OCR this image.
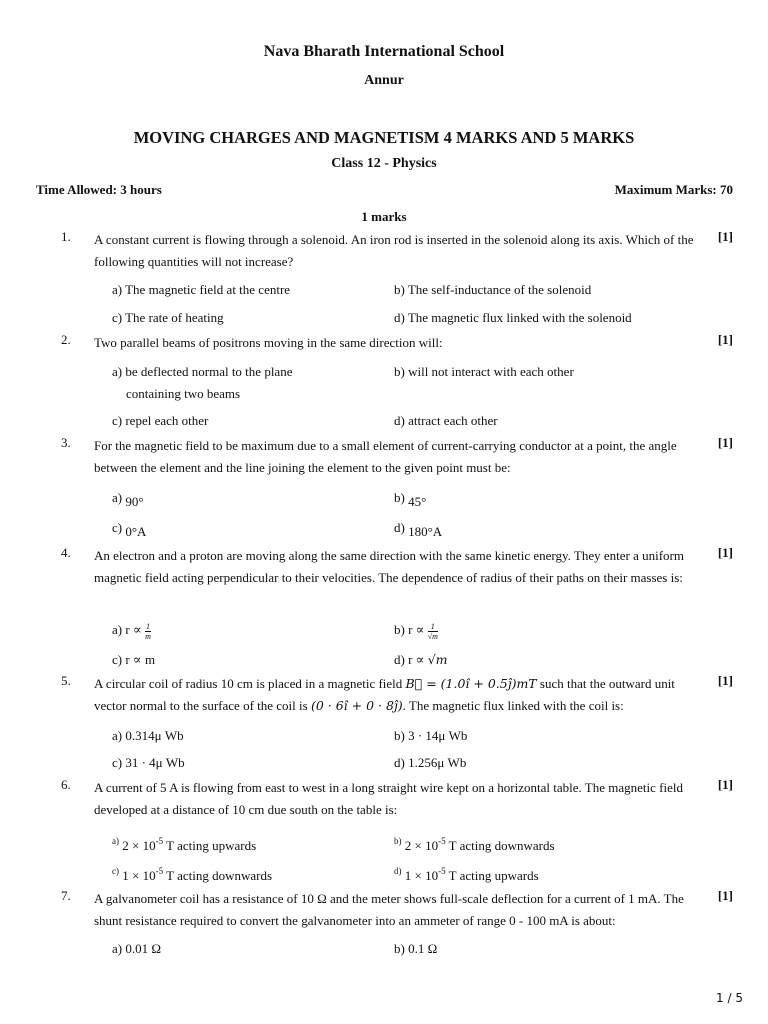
Nava Bharath International School
Annur
MOVING CHARGES AND MAGNETISM 4 MARKS AND 5 MARKS
Class 12 - Physics
Time Allowed: 3 hours	Maximum Marks: 70
1 marks
1. A constant current is flowing through a solenoid. An iron rod is inserted in the solenoid along its axis. Which of the following quantities will not increase?
[1]
a) The magnetic field at the centre	b) The self-inductance of the solenoid
c) The rate of heating	d) The magnetic flux linked with the solenoid
2. Two parallel beams of positrons moving in the same direction will:	[1]
a) be deflected normal to the plane
containing two beams
b) will not interact with each other
c) repel each other	d) attract each other
3. For the magnetic field to be maximum due to a small element of current-carrying conductor at a point, the angle between the element and the line joining the element to the given point must be:
[1]
a) 90°	b) 45°
c) 0°A	d) 180°A
4. An electron and a proton are moving along the same direction with the same kinetic energy. They enter a uniform magnetic field acting perpendicular to their velocities. The dependence of radius of their paths on their masses is:
[1]
a) $r \propto \frac{1}{m}$	b) $r \propto \frac{1}{√m}$
c) r ∝ m	d) r ∝ √m
5. A circular coil of radius 10 cm is placed in a magnetic field B⃗ = (1.0î + 0.5ĵ)mT such that the outward unit vector normal to the surface of the coil is (0 · 6î + 0 · 8ĵ). The magnetic flux linked with the coil is:
[1]
a) 0.314μ Wb	b) 3 · 14μ Wb
c) 31 · 4μ Wb	d) 1.256μ Wb
6. A current of 5 A is flowing from east to west in a long straight wire kept on a horizontal table. The magnetic field developed at a distance of 10 cm due south on the table is:
[1]
$^{a)}$ $2 \times 10^{-5}$ T acting upwards	$^{b)}$ $2 \times 10^{-5}$ T acting downwards
$^{c)}$ $1 \times 10^{-5}$ T acting downwards	$^{d)}$ $1 \times 10^{-5}$ T acting upwards
7. A galvanometer coil has a resistance of 10 Ω and the meter shows full-scale deflection for a current of 1 mA. The shunt resistance required to convert the galvanometer into an ammeter of range 0 - 100 mA is about:
[1]
a) 0.01 Ω	b) 0.1 Ω
1 / 5
